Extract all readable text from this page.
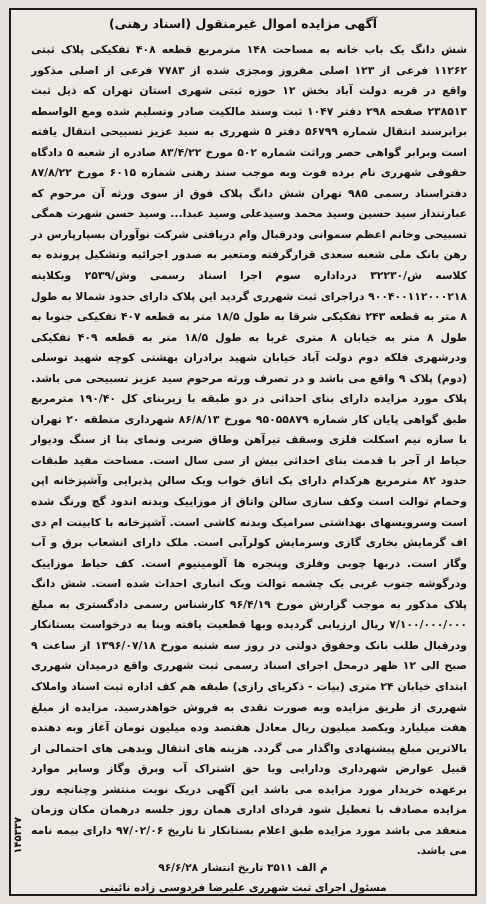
آگهی مزایده اموال غیرمنقول (اسناد رهنی)
شش دانگ یک باب خانه به مساحت ۱۴۸ مترمربع قطعه ۴۰۸ تفکیکی پلاک ثبتی ۱۱۲۶۲ فرعی از ۱۲۳ اصلی مفروز ومجزی شده از ۷۷۸۳ فرعی از اصلی مذکور واقع در قریه دولت آباد بخش ۱۲ حوزه ثبتی شهری استان تهران که ذیل ثبت ۲۳۸۵۱۳ صفحه ۲۹۸ دفتر ۱۰۴۷ ثبت وسند مالکیت صادر وتسلیم شده ومع الواسطه برابرسند انتقال شماره ۵۶۷۹۹ دفتر ۵ شهرری به سید عزیز تسبیحی انتقال یافته است وبرابر گواهی حصر وراثت شماره ۵۰۲ مورخ ۸۳/۴/۲۲ صادره از شعبه ۵ دادگاه حقوقی شهرری نام برده فوت وبه موجب سند رهنی شماره ۶۰۱۵ مورخ ۸۷/۸/۲۲ دفتراسناد رسمی ۹۸۵ تهران شش دانگ پلاک فوق از سوی ورثه آن مرحوم که عبارتنداز سید حسین وسید محمد وسیدعلی وسید عبدا... وسید حسن شهرت همگی تسبیحی وخانم اعظم سموانی ودرقبال وام دریافتی شرکت نوآوران بسپارپارس در رهن بانک ملی شعبه سعدی قرارگرفته ومتعبر به صدور اجرائیه وتشکیل پرونده به کلاسه ش/۳۲۲۳۰ درداداره سوم اجرا اسناد رسمی وش/۲۵۳۹ وبکلاینه ۹۰۰۴۰۰۱۱۲۰۰۰۲۱۸ دراجرای ثبت شهرری گردید این پلاک دارای حدود شمالا به طول ۸ متر به قطعه ۲۴۳ تفکیکی شرقا به طول ۱۸/۵ متر به قطعه ۴۰۷ تفکیکی جنوبا به طول ۸ متر به خیابان ۸ متری غربا به طول ۱۸/۵ متر به قطعه ۴۰۹ تفکیکی ودرشهری فلکه دوم دولت آباد خیابان شهید برادران بهشتی کوچه شهید توسلی (دوم) پلاک ۹ واقع می باشد و در تصرف ورثه مرحوم سید عزیز تسبیحی می باشد. پلاک مورد مزایده دارای بنای احداثی در دو طبقه با زیربنای کل ۱۹۰/۴۰ مترمربع طبق گواهی پایان کار شماره ۹۵۰۵۵۸۷۹ مورخ ۸۶/۸/۱۳ شهرداری منطقه ۲۰ تهران با سازه نیم اسکلت فلزی وسقف تیرآهن وطاق ضربی ونمای بنا از سنگ ودیوار حیاط از آجر با قدمت بنای احداثی بیش از سی سال است. مساحت مفید طبقات حدود ۸۲ مترمربع هرکدام دارای یک اتاق خواب ویک سالن پذیرایی وآشپزخانه اپن وحمام توالت است وکف سازی سالن واتاق از موزاییک وبدنه اندود گچ ورنگ شده است وسرویسهای بهداشتی سرامیک وبدنه کاشی است. آشپزخانه با کابینت ام دی اف گرمایش بخاری گازی وسرمایش کولرآبی است. ملک دارای انشعاب برق و آب وگاز است. دربها چوبی وفلزی وپنجره ها آلومینیوم است. کف حیاط موزاییک ودرگوشه جنوب غربی یک چشمه توالت ویک انباری احداث شده است. شش دانگ پلاک مذکور به موجب گزارش مورخ ۹۶/۴/۱۹ کارشناس رسمی دادگستری به مبلغ ۷/۱۰۰/۰۰۰/۰۰۰ ریال ارزیابی گردیده وبها قطعیت یافته وبنا به درخواست بستانکار ودرقبال طلب بانک وحقوق دولتی در روز سه شنبه مورخ ۱۳۹۶/۰۷/۱۸ از ساعت ۹ صبح الی ۱۲ ظهر درمحل اجرای اسناد رسمی ثبت شهرری واقع درمیدان شهرری ابتدای خیابان ۲۴ متری (بیات - ذکریای رازی) طبقه هم کف اداره ثبت اسناد واملاک شهرری از طریق مزایده وبه صورت نقدی به فروش خواهدرسید. مزایده از مبلغ هفت میلیارد ویکصد میلیون ریال معادل هفتصد وده میلیون تومان آغاز وبه دهنده بالاترین مبلغ پیشنهادی واگذار می گردد. هزینه های انتقال وبدهی های احتمالی از قبیل عوارض شهرداری ودارایی ویا حق اشتراک آب وبرق وگاز وسایر موارد برعهده خریدار مورد مزایده می باشد این آگهی دریک نوبت منتشر وچنانچه روز مزایده مصادف با تعطیل شود فردای اداری همان روز جلسه درهمان مکان وزمان منعقد می باشد مورد مزایده طبق اعلام بستانکار تا تاریخ ۹۷/۰۲/۰۶ دارای بیمه نامه می باشد.
۱۴۵۳۳۷
م الف ۳۵۱۱ تاریخ انتشار ۹۶/۶/۲۸
مسئول اجرای ثبت شهرری علیرضا فردوسی زاده نائینی
